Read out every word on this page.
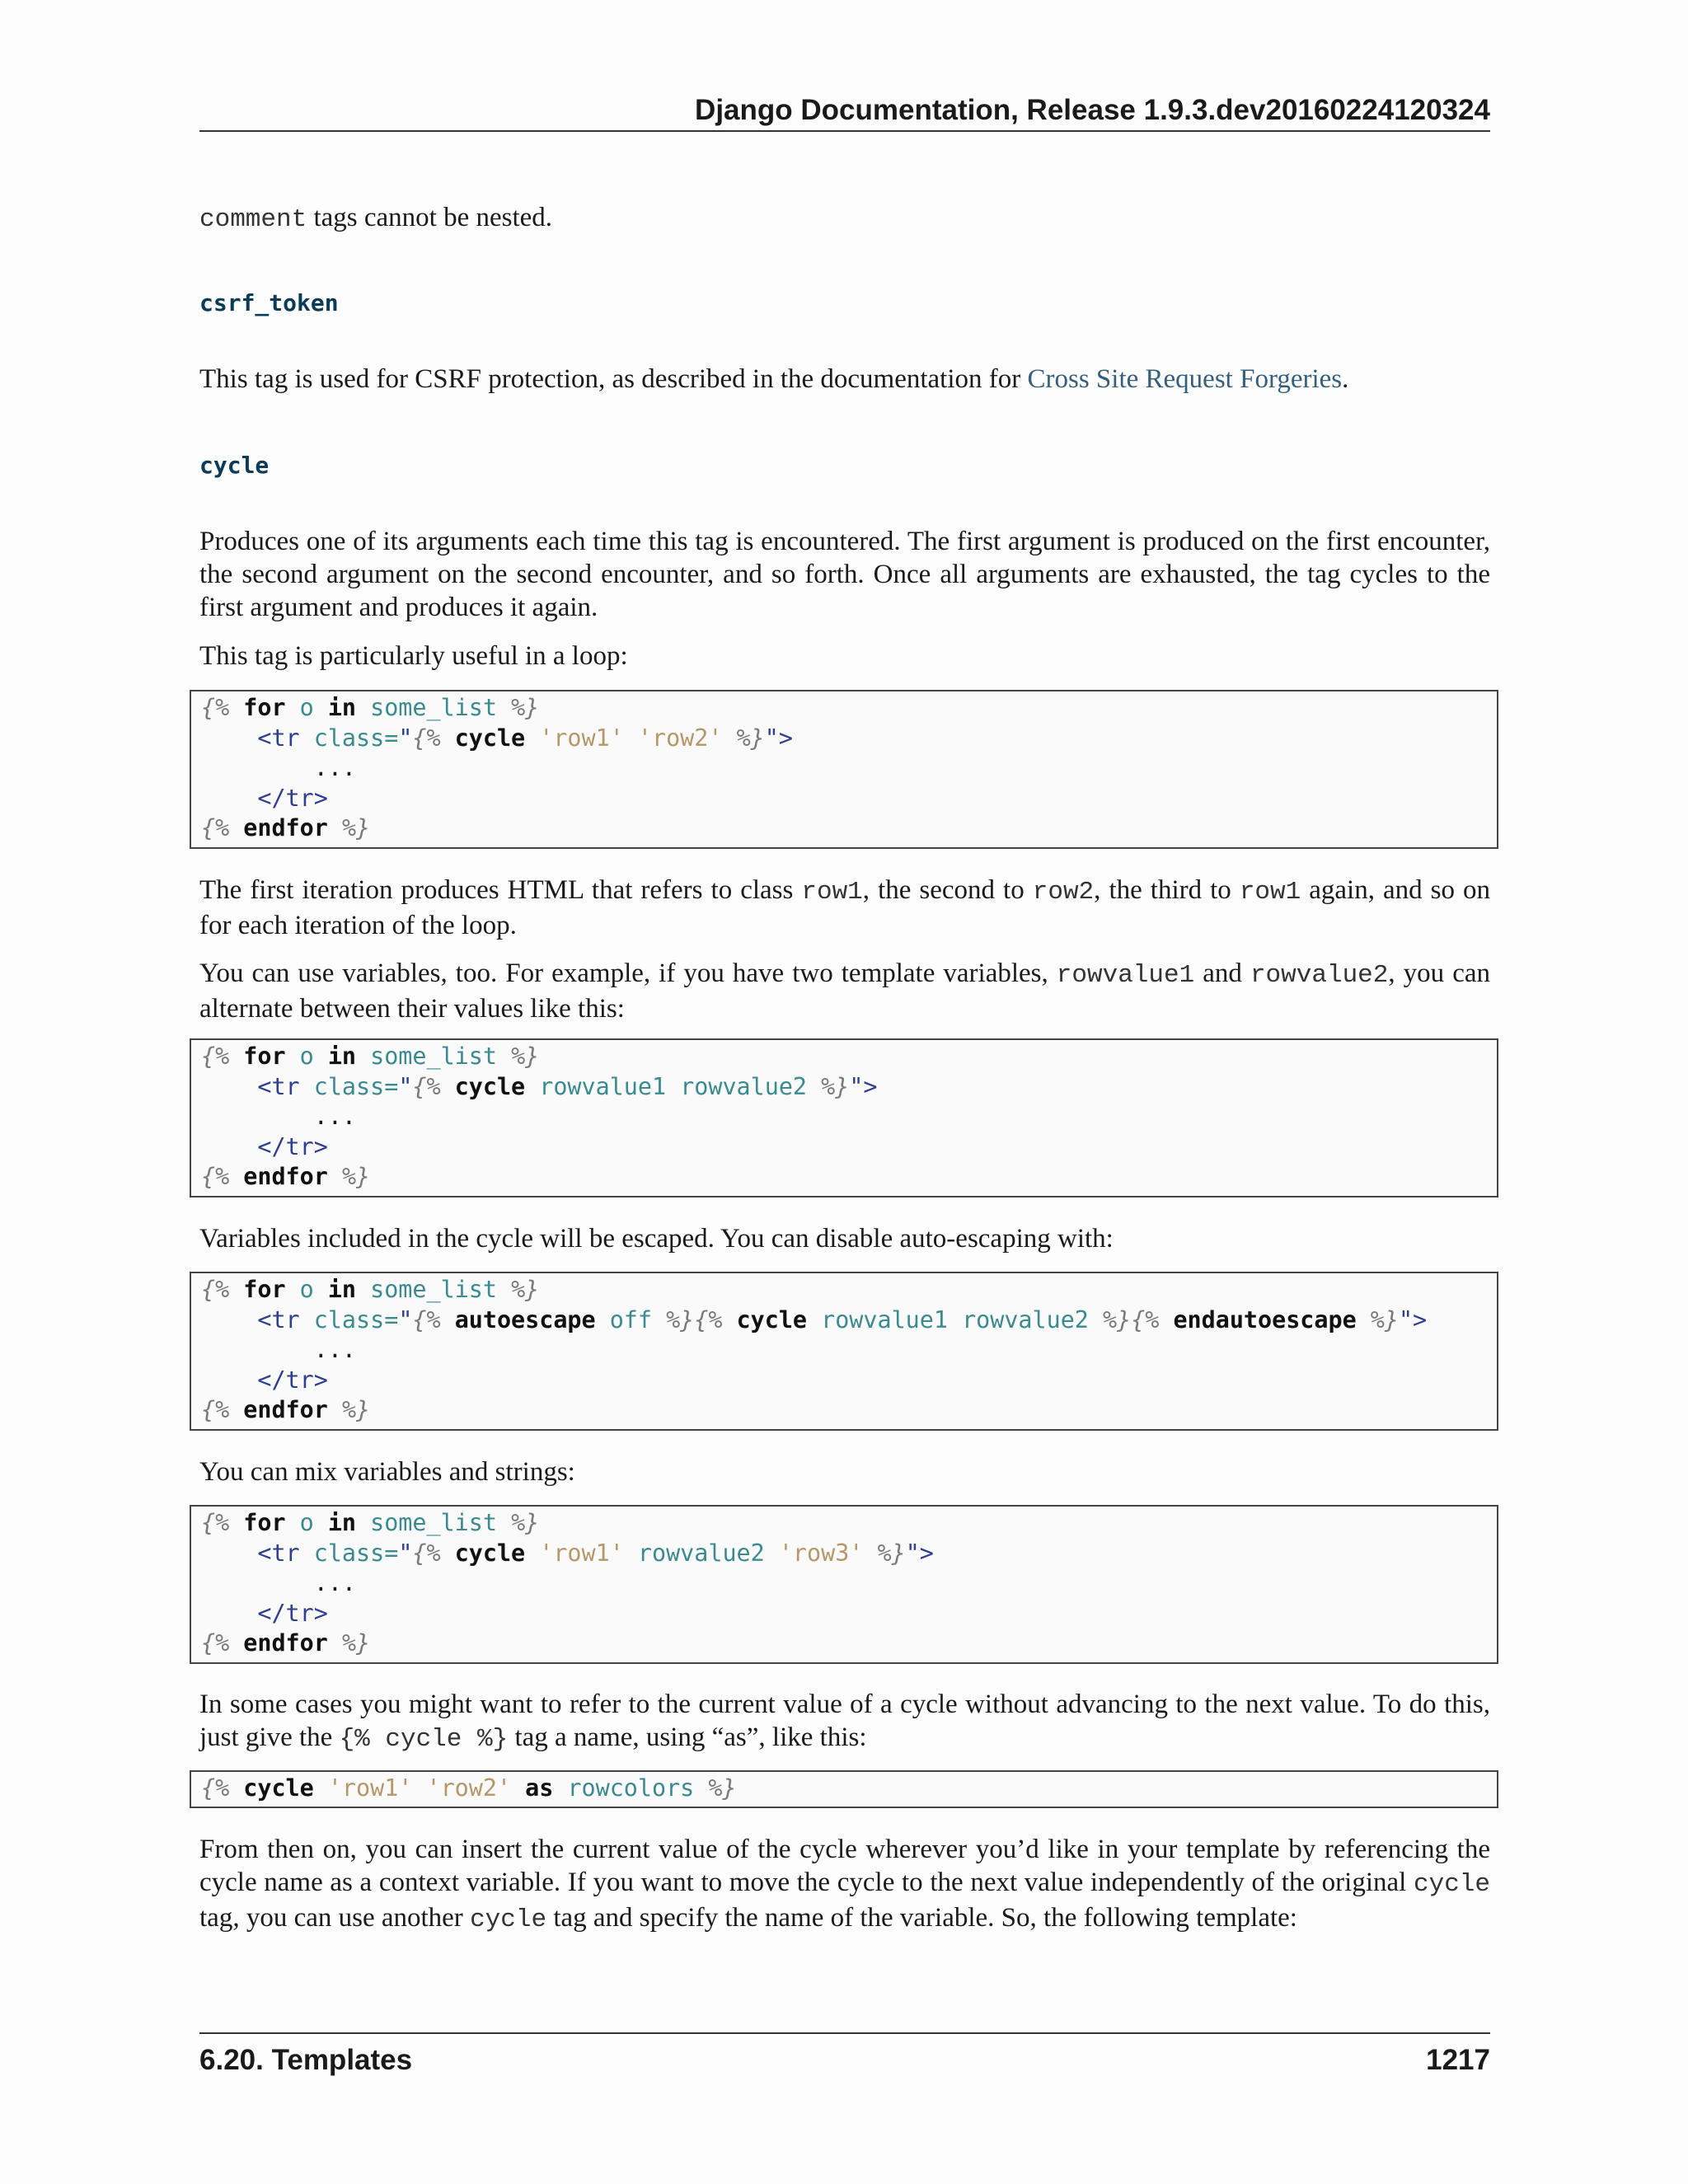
Django Documentation, Release 1.9.3.dev20160224120324

comment tags cannot be nested.

csrf_token

This tag is used for CSRF protection, as described in the documentation for Cross Site Request Forgeries.

cycle

Produces one of its arguments each time this tag is encountered. The first argument is produced on the first encounter, the second argument on the second encounter, and so forth. Once all arguments are exhausted, the tag cycles to the first argument and produces it again.

This tag is particularly useful in a loop:

{% for o in some_list %}
<tr class="{% cycle 'row1' 'row2' %}">
...
</tr>
{% endfor %}

The first iteration produces HTML that refers to class row1, the second to row2, the third to row1 again, and so on for each iteration of the loop.

You can use variables, too. For example, if you have two template variables, rowvalue1 and rowvalue2, you can alternate between their values like this:

{% for o in some_list %}
<tr class="{% cycle rowvalue1 rowvalue2 %}">
...
</tr>
{% endfor %}

Variables included in the cycle will be escaped. You can disable auto-escaping with:

{% for o in some_list %}
<tr class="{% autoescape off %}{% cycle rowvalue1 rowvalue2 %}{% endautoescape %}">
...
</tr>
{% endfor %}

You can mix variables and strings:

{% for o in some_list %}
<tr class="{% cycle 'row1' rowvalue2 'row3' %}">
...
</tr>
{% endfor %}

In some cases you might want to refer to the current value of a cycle without advancing to the next value. To do this, just give the {% cycle %} tag a name, using “as”, like this:

{% cycle 'row1' 'row2' as rowcolors %}

From then on, you can insert the current value of the cycle wherever you’d like in your template by referencing the cycle name as a context variable. If you want to move the cycle to the next value independently of the original cycle tag, you can use another cycle tag and specify the name of the variable. So, the following template:

6.20. Templates	1217
